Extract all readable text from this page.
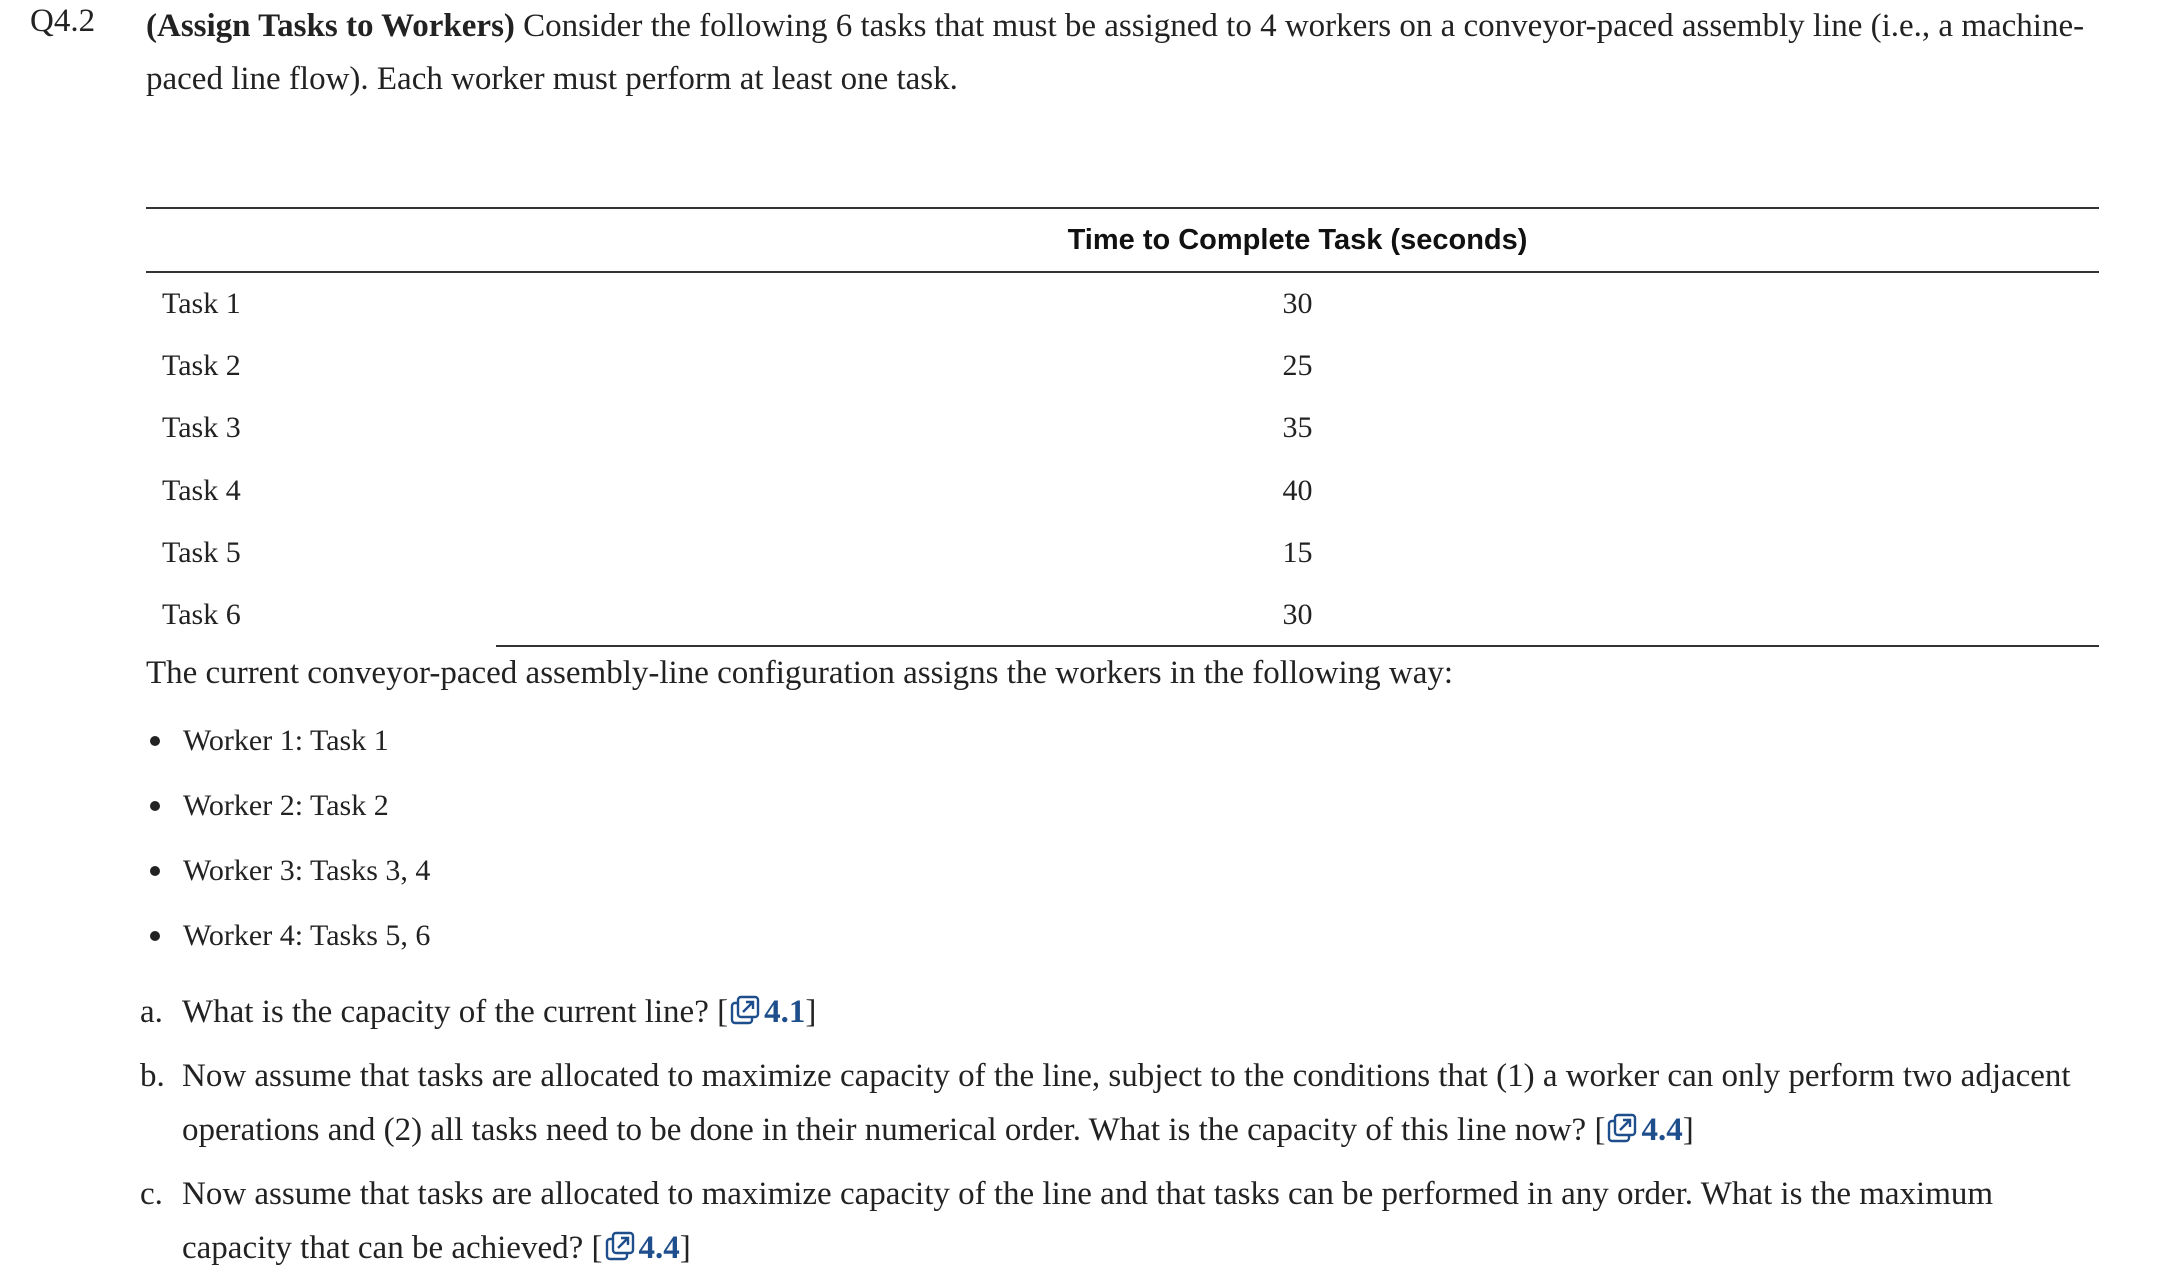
Q4.2 (Assign Tasks to Workers) Consider the following 6 tasks that must be assigned to 4 workers on a conveyor-paced assembly line (i.e., a machine-paced line flow). Each worker must perform at least one task.
Time to Complete Task (seconds)
Task 1	30
Task 2	25
Task 3	35
Task 4	40
Task 5	15
Task 6	30
The current conveyor-paced assembly-line configuration assigns the workers in the following way:
Worker 1: Task 1
Worker 2: Task 2
Worker 3: Tasks 3, 4
Worker 4: Tasks 5, 6
a. What is the capacity of the current line? [ 4.1]
b. Now assume that tasks are allocated to maximize capacity of the line, subject to the conditions that (1) a worker can only perform two adjacent operations and (2) all tasks need to be done in their numerical order. What is the capacity of this line now? [ 4.4]
c. Now assume that tasks are allocated to maximize capacity of the line and that tasks can be performed in any order. What is the maximum capacity that can be achieved? [ 4.4]
